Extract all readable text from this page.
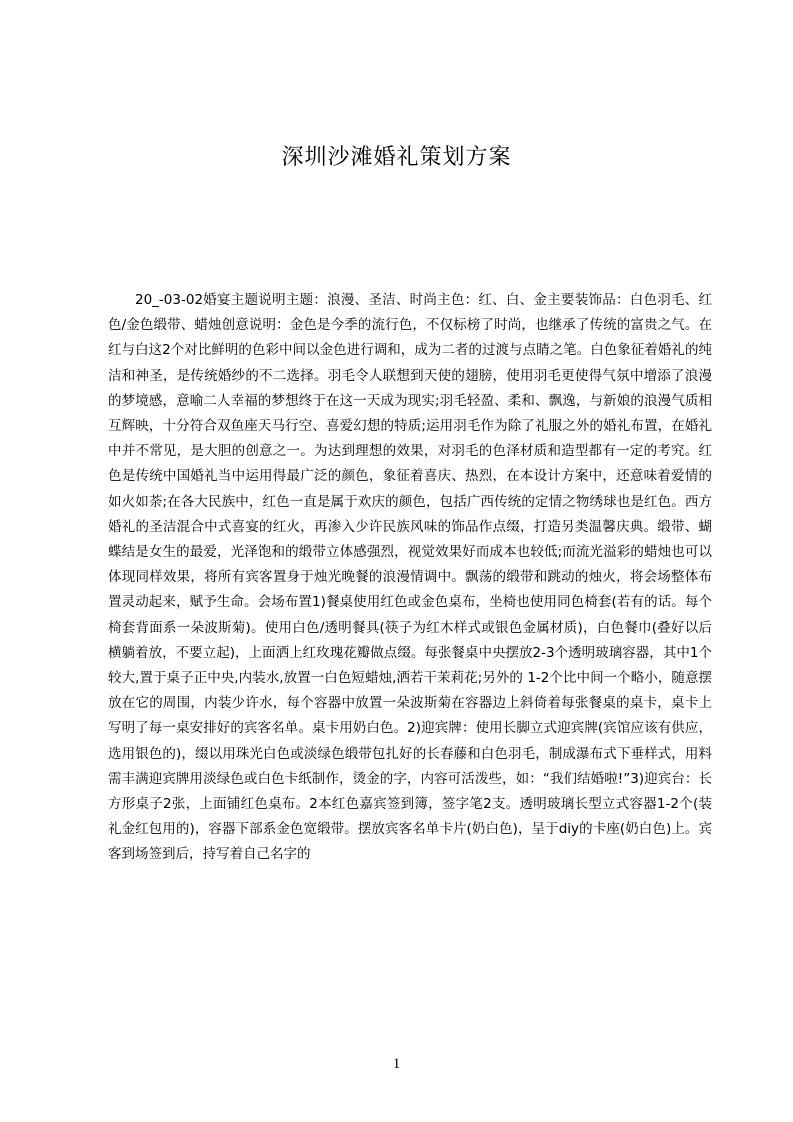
深圳沙滩婚礼策划方案

20_-03-02婚宴主题说明主题：浪漫、圣洁、时尚主色：红、白、金主要装饰品：白色羽毛、红色/金色缎带、蜡烛创意说明：金色是今季的流行色，不仅标榜了时尚，也继承了传统的富贵之气。在红与白这2个对比鲜明的色彩中间以金色进行调和，成为二者的过渡与点睛之笔。白色象征着婚礼的纯洁和神圣，是传统婚纱的不二选择。羽毛令人联想到天使的翅膀，使用羽毛更使得气氛中增添了浪漫的梦境感，意喻二人幸福的梦想终于在这一天成为现实;羽毛轻盈、柔和、飘逸，与新娘的浪漫气质相互辉映，十分符合双鱼座天马行空、喜爱幻想的特质;运用羽毛作为除了礼服之外的婚礼布置，在婚礼中并不常见，是大胆的创意之一。为达到理想的效果，对羽毛的色泽材质和造型都有一定的考究。红色是传统中国婚礼当中运用得最广泛的颜色，象征着喜庆、热烈，在本设计方案中，还意味着爱情的如火如荼;在各大民族中，红色一直是属于欢庆的颜色，包括广西传统的定情之物绣球也是红色。西方婚礼的圣洁混合中式喜宴的红火，再渗入少许民族风味的饰品作点缀，打造另类温馨庆典。缎带、蝴蝶结是女生的最爱，光泽饱和的缎带立体感强烈，视觉效果好而成本也较低;而流光溢彩的蜡烛也可以体现同样效果，将所有宾客置身于烛光晚餐的浪漫情调中。飘荡的缎带和跳动的烛火，将会场整体布置灵动起来，赋予生命。会场布置1)餐桌使用红色或金色桌布，坐椅也使用同色椅套(若有的话。每个椅套背面系一朵波斯菊)。使用白色/透明餐具(筷子为红木样式或银色金属材质)，白色餐巾(叠好以后横躺着放，不要立起)，上面洒上红玫瑰花瓣做点缀。每张餐桌中央摆放2-3个透明玻璃容器，其中1个较大,置于桌子正中央,内装水,放置一白色短蜡烛,洒若干茉莉花;另外的 1-2个比中间一个略小，随意摆放在它的周围，内装少许水，每个容器中放置一朵波斯菊在容器边上斜倚着每张餐桌的桌卡，桌卡上写明了每一桌安排好的宾客名单。桌卡用奶白色。2)迎宾牌：使用长脚立式迎宾牌(宾馆应该有供应，选用银色的)，缀以用珠光白色或淡绿色缎带包扎好的长春藤和白色羽毛，制成瀑布式下垂样式，用料需丰满迎宾牌用淡绿色或白色卡纸制作，烫金的字，内容可活泼些，如：“我们结婚啦!”3)迎宾台：长方形桌子2张，上面铺红色桌布。2本红色嘉宾签到簿，签字笔2支。透明玻璃长型立式容器1-2个(装礼金红包用的)，容器下部系金色宽缎带。摆放宾客名单卡片(奶白色)，呈于diy的卡座(奶白色)上。宾客到场签到后，持写着自己名字的

1
